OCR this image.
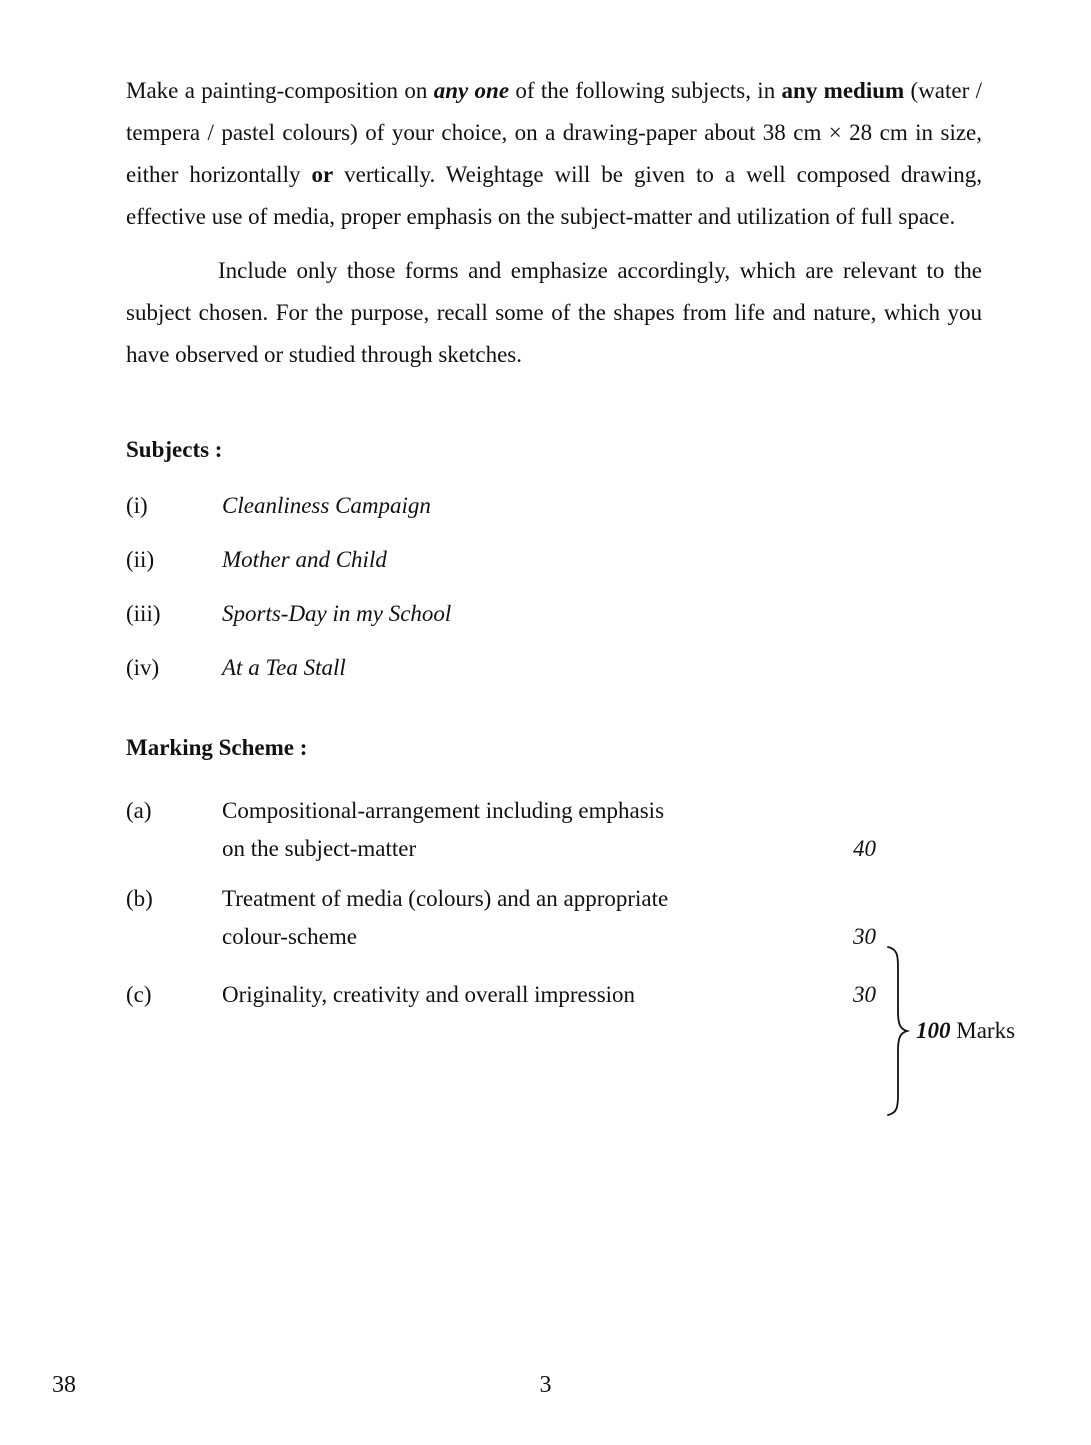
Make a painting-composition on any one of the following subjects, in any medium (water / tempera / pastel colours) of your choice, on a drawing-paper about 38 cm × 28 cm in size, either horizontally or vertically. Weightage will be given to a well composed drawing, effective use of media, proper emphasis on the subject-matter and utilization of full space.
Include only those forms and emphasize accordingly, which are relevant to the subject chosen. For the purpose, recall some of the shapes from life and nature, which you have observed or studied through sketches.
Subjects :
(i)	Cleanliness Campaign
(ii)	Mother and Child
(iii)	Sports-Day in my School
(iv)	At a Tea Stall
Marking Scheme :
(a)	Compositional-arrangement including emphasis
on the subject-matter	40
(b)	Treatment of media (colours) and an appropriate
colour-scheme	30
(c)	Originality, creativity and overall impression	30
100 Marks
38	3
